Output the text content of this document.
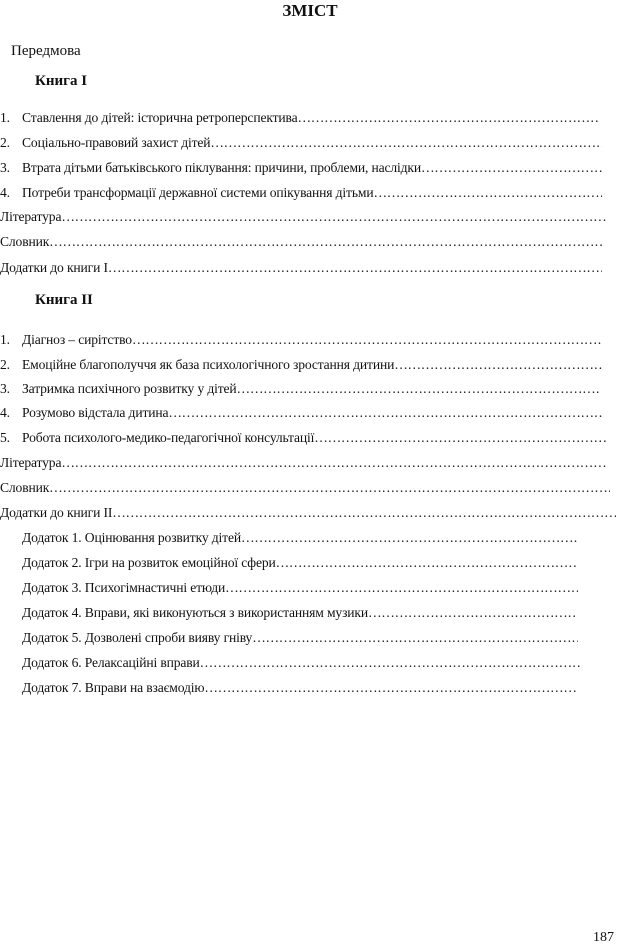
ЗМІСТ
Передмова
Книга І
1. Ставлення до дітей: історична ретроперспектива
…………………………………………………………………………………………………………………………………………………………………………………
2. Соціально-правовий захист дітей
…………………………………………………………………………………………………………………………………………………………………………………
3. Втрата дітьми батьківського піклування: причини, проблеми, наслідки
…………………………………………………………………………………………………………………………………………………………………………………
4. Потреби трансформації державної системи опікування дітьми
…………………………………………………………………………………………………………………………………………………………………………………
Література
…………………………………………………………………………………………………………………………………………………………………………………
Словник
…………………………………………………………………………………………………………………………………………………………………………………
Додатки до книги І
…………………………………………………………………………………………………………………………………………………………………………………
Книга ІІ
1. Діагноз – сирітство
…………………………………………………………………………………………………………………………………………………………………………………
2. Емоційне благополуччя як база психологічного зростання дитини
…………………………………………………………………………………………………………………………………………………………………………………
3. Затримка психічного розвитку у дітей
…………………………………………………………………………………………………………………………………………………………………………………
4. Розумово відстала дитина
…………………………………………………………………………………………………………………………………………………………………………………
5. Робота психолого-медико-педагогічної консультації
…………………………………………………………………………………………………………………………………………………………………………………
Література
…………………………………………………………………………………………………………………………………………………………………………………
Словник
…………………………………………………………………………………………………………………………………………………………………………………
Додатки до книги ІІ
…………………………………………………………………………………………………………………………………………………………………………………
Додаток 1. Оцінювання розвитку дітей
…………………………………………………………………………………………………………………………………………………………………………………
Додаток 2. Ігри на розвиток емоційної сфери
…………………………………………………………………………………………………………………………………………………………………………………
Додаток 3. Психогімнастичні етюди
…………………………………………………………………………………………………………………………………………………………………………………
Додаток 4. Вправи, які виконуються з використанням музики
…………………………………………………………………………………………………………………………………………………………………………………
Додаток 5. Дозволені спроби вияву гніву
…………………………………………………………………………………………………………………………………………………………………………………
Додаток 6. Релаксаційні вправи
…………………………………………………………………………………………………………………………………………………………………………………
Додаток 7. Вправи на взаємодію
…………………………………………………………………………………………………………………………………………………………………………………
187
